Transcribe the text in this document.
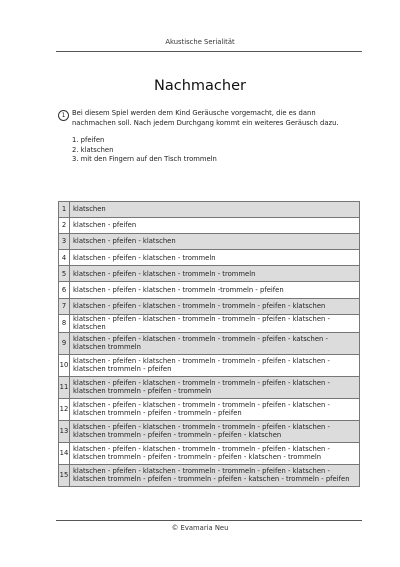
Akustische Serialität
Nachmacher
1 Bei diesem Spiel werden dem Kind Geräusche vorgemacht, die es dann nachmachen soll. Nach jedem Durchgang kommt ein weiteres Geräusch dazu.
1. pfeifen
2. klatschen
3. mit den Fingern auf den Tisch trommeln
1	klatschen
2	klatschen - pfeifen
3	klatschen - pfeifen - klatschen
4	klatschen - pfeifen - klatschen - trommeln
5	klatschen - pfeifen - klatschen - trommeln - trommeln
6	klatschen - pfeifen - klatschen - trommeln -trommeln - pfeifen
7	klatschen - pfeifen - klatschen - trommeln - trommeln - pfeifen - klatschen
8	klatschen - pfeifen - klatschen - trommeln - trommeln - pfeifen - klatschen - klatschen
9	klatschen - pfeifen - klatschen - trommeln - trommeln - pfeifen - katschen - klatschen trommeln
10	klatschen - pfeifen - klatschen - trommeln - trommeln - pfeifen - klatschen - klatschen trommeln - pfeifen
11	klatschen - pfeifen - klatschen - trommeln - trommeln - pfeifen - klatschen - klatschen trommeln - pfeifen - trommeln
12	klatschen - pfeifen - klatschen - trommeln - trommeln - pfeifen - klatschen - klatschen trommeln - pfeifen - trommeln - pfeifen
13	klatschen - pfeifen - klatschen - trommeln - trommeln - pfeifen - klatschen - klatschen trommeln - pfeifen - trommeln - pfeifen - klatschen
14	klatschen - pfeifen - klatschen - trommeln - trommeln - pfeifen - klatschen - klatschen trommeln - pfeifen - trommeln - pfeifen - klatschen - trommeln
15	klatschen - pfeifen - klatschen - trommeln - trommeln - pfeifen - klatschen - klatschen trommeln - pfeifen - trommeln - pfeifen - katschen - trommeln - pfeifen
© Evamaria Neu
